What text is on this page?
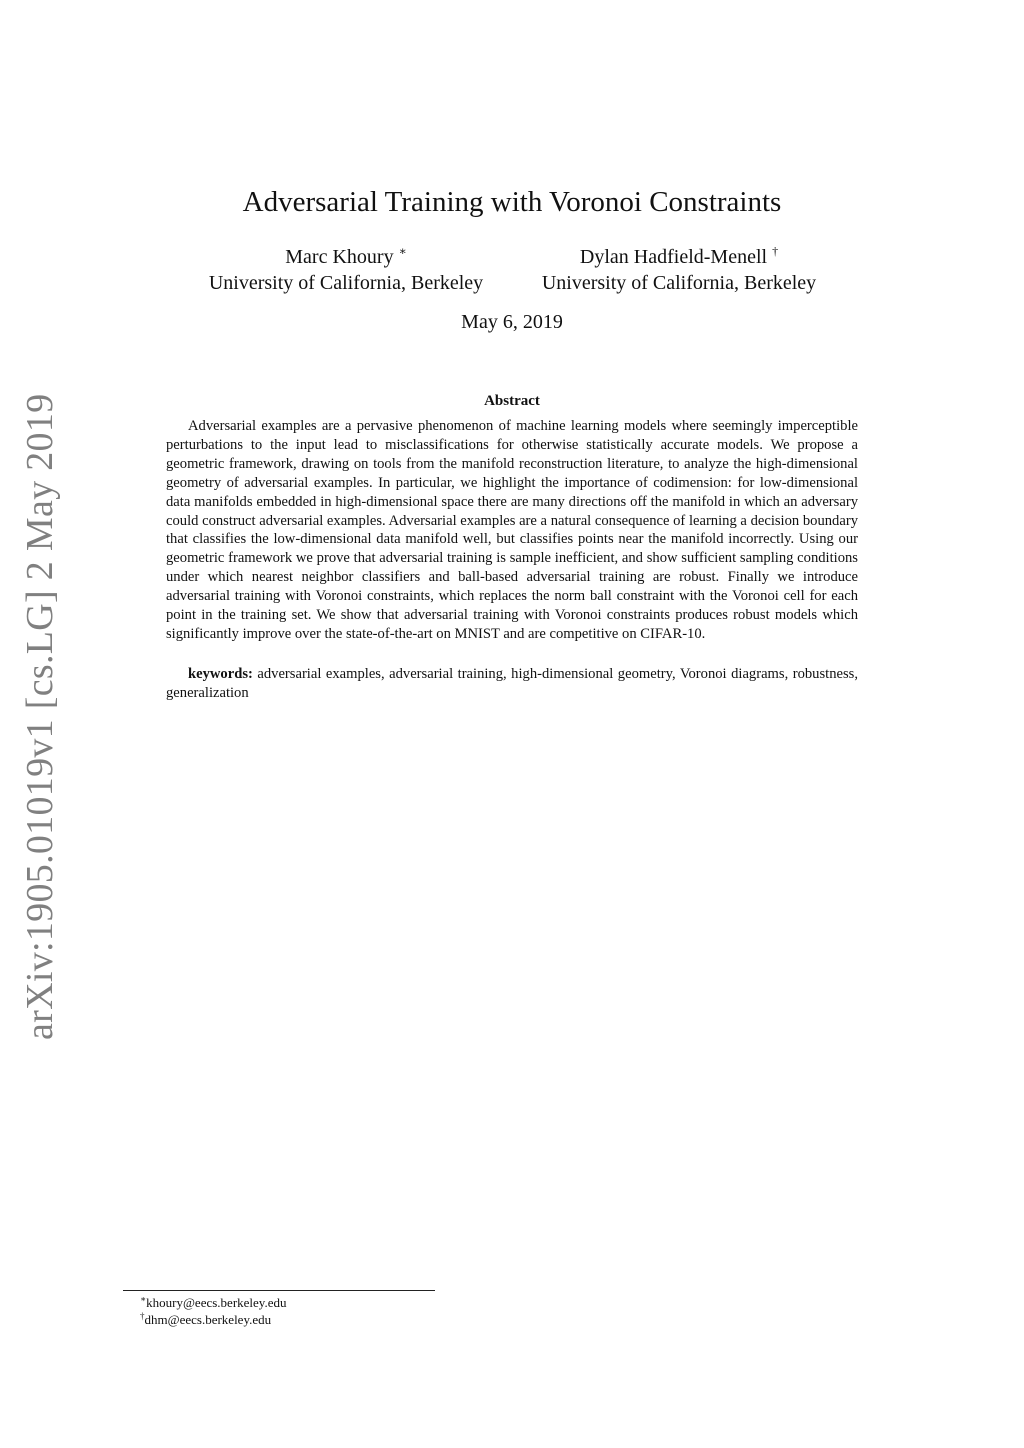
arXiv:1905.01019v1 [cs.LG] 2 May 2019
Adversarial Training with Voronoi Constraints
Marc Khoury ∗
University of California, Berkeley
Dylan Hadfield-Menell †
University of California, Berkeley
May 6, 2019
Abstract

Adversarial examples are a pervasive phenomenon of machine learning models where seemingly imperceptible perturbations to the input lead to misclassifications for otherwise statistically accurate models. We propose a geometric framework, drawing on tools from the manifold reconstruction literature, to analyze the high-dimensional geometry of adversarial examples. In particular, we highlight the importance of codimension: for low-dimensional data manifolds embedded in high-dimensional space there are many directions off the manifold in which an adversary could construct adversarial examples. Adversarial examples are a natural consequence of learning a decision boundary that classifies the low-dimensional data manifold well, but classifies points near the manifold incorrectly. Using our geometric framework we prove that adversarial training is sample inefficient, and show sufficient sampling conditions under which nearest neighbor classifiers and ball-based adversarial training are robust. Finally we introduce adversarial training with Voronoi constraints, which replaces the norm ball constraint with the Voronoi cell for each point in the training set. We show that adversarial training with Voronoi constraints produces robust models which significantly improve over the state-of-the-art on MNIST and are competitive on CIFAR-10.

keywords: adversarial examples, adversarial training, high-dimensional geometry, Voronoi diagrams, robustness, generalization

∗khoury@eecs.berkeley.edu
†dhm@eecs.berkeley.edu
